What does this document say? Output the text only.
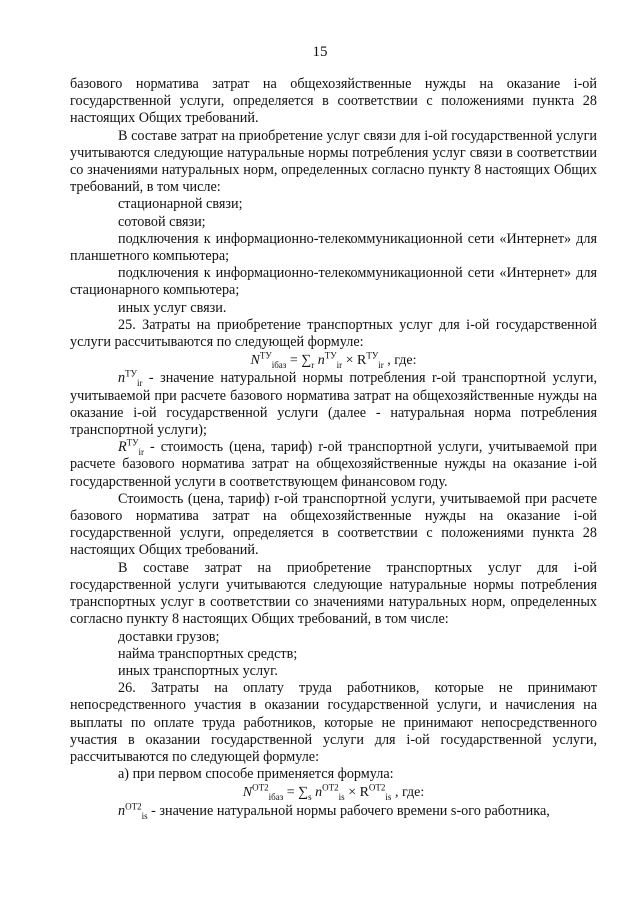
15

базового норматива затрат на общехозяйственные нужды на оказание i-ой государственной услуги, определяется в соответствии с положениями пункта 28 настоящих Общих требований.

В составе затрат на приобретение услуг связи для i-ой государственной услуги учитываются следующие натуральные нормы потребления услуг связи в соответствии со значениями натуральных норм, определенных согласно пункту 8 настоящих Общих требований, в том числе:

стационарной связи;

сотовой связи;

подключения к информационно-телекоммуникационной сети «Интернет» для планшетного компьютера;

подключения к информационно-телекоммуникационной сети «Интернет» для стационарного компьютера;

иных услуг связи.

25. Затраты на приобретение транспортных услуг для i-ой государственной услуги рассчитываются по следующей формуле:

$N^{ТУ}_{iбаз} = \sum_r$ $n^{ТУ}_{ir} \times R^{ТУ}_{ir}$ , где:

$n^{ТУ}_{ir}$ - значение натуральной нормы потребления r-ой транспортной услуги, учитываемой при расчете базового норматива затрат на общехозяйственные нужды на оказание i-ой государственной услуги (далее - натуральная норма потребления транспортной услуги);

$R^{ТУ}_{ir}$ - стоимость (цена, тариф) r-ой транспортной услуги, учитываемой при расчете базового норматива затрат на общехозяйственные нужды на оказание i-ой государственной услуги в соответствующем финансовом году.

Стоимость (цена, тариф) r-ой транспортной услуги, учитываемой при расчете базового норматива затрат на общехозяйственные нужды на оказание i-ой государственной услуги, определяется в соответствии с положениями пункта 28 настоящих Общих требований.

В составе затрат на приобретение транспортных услуг для i-ой государственной услуги учитываются следующие натуральные нормы потребления транспортных услуг в соответствии со значениями натуральных норм, определенных согласно пункту 8 настоящих Общих требований, в том числе:

доставки грузов;

найма транспортных средств;

иных транспортных услуг.

26. Затраты на оплату труда работников, которые не принимают непосредственного участия в оказании государственной услуги, и начисления на выплаты по оплате труда работников, которые не принимают непосредственного участия в оказании государственной услуги для i-ой государственной услуги, рассчитываются по следующей формуле:

а) при первом способе применяется формула:

$N^{ОТ2}_{iбаз} = \sum_s$ $n^{ОТ2}_{is} \times R^{ОТ2}_{is}$ , где:

$n^{ОТ2}_{is}$ - значение натуральной нормы рабочего времени s-ого работника,
